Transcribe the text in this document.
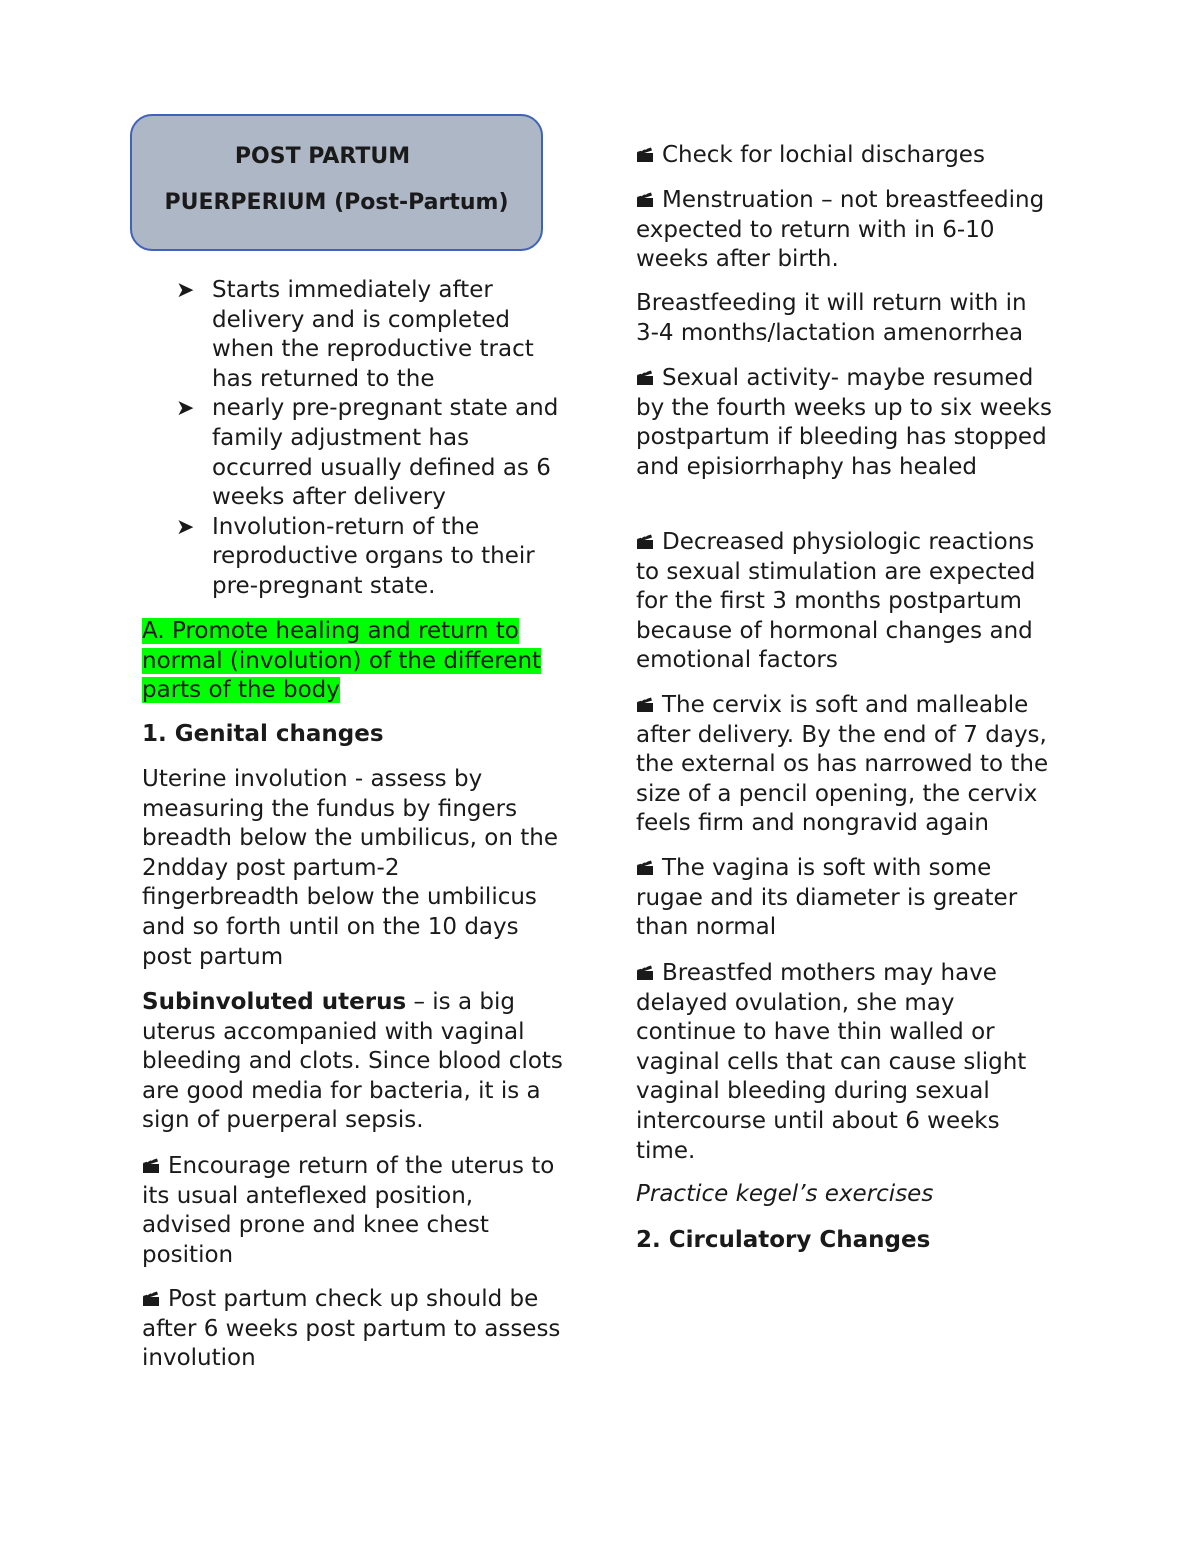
POST PARTUM
PUERPERIUM (Post-Partum)
➤ Starts immediately after delivery and is completed when the reproductive tract has returned to the
➤ nearly pre-pregnant state and family adjustment has occurred usually defined as 6 weeks after delivery
➤ Involution-return of the reproductive organs to their pre-pregnant state.

A. Promote healing and return to normal (involution) of the different parts of the body

1. Genital changes

Uterine involution - assess by measuring the fundus by fingers breadth below the umbilicus, on the 2ndday post partum-2 fingerbreadth below the umbilicus and so forth until on the 10 days post partum

Subinvoluted uterus – is a big uterus accompanied with vaginal bleeding and clots. Since blood clots are good media for bacteria, it is a sign of puerperal sepsis.

Encourage return of the uterus to its usual anteflexed position, advised prone and knee chest position

Post partum check up should be after 6 weeks post partum to assess involution

Check for lochial discharges

Menstruation – not breastfeeding expected to return with in 6-10 weeks after birth.

Breastfeeding it will return with in 3-4 months/lactation amenorrhea

Sexual activity- maybe resumed by the fourth weeks up to six weeks postpartum if bleeding has stopped and episiorrhaphy has healed

Decreased physiologic reactions to sexual stimulation are expected for the first 3 months postpartum because of hormonal changes and emotional factors

The cervix is soft and malleable after delivery. By the end of 7 days, the external os has narrowed to the size of a pencil opening, the cervix feels firm and nongravid again

The vagina is soft with some rugae and its diameter is greater than normal

Breastfed mothers may have delayed ovulation, she may continue to have thin walled or vaginal cells that can cause slight vaginal bleeding during sexual intercourse until about 6 weeks time.

Practice kegel’s exercises

2. Circulatory Changes
